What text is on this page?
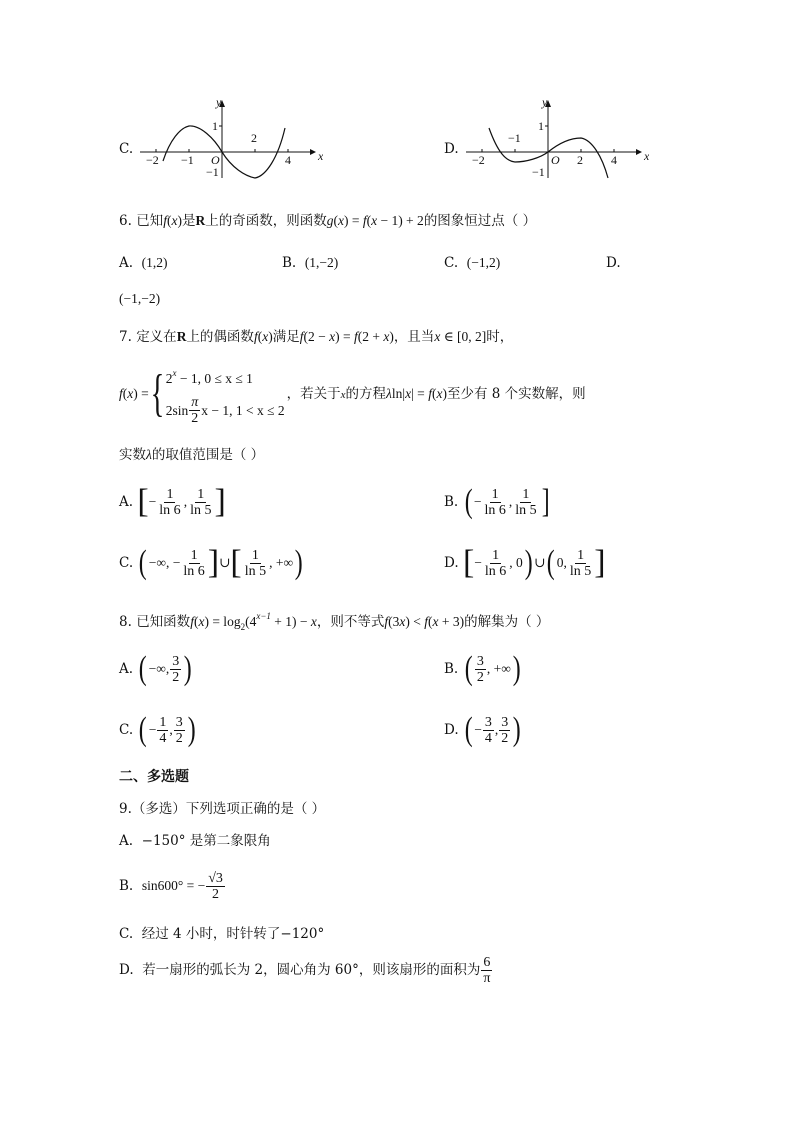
C.
y
x
1
−2 −1 O
2
4
−1
D.
y
x
1
−2
−1
O 2 4
−1
6. 已知f(x)是R上的奇函数，则函数g(x) = f(x − 1) + 2的图象恒过点（ ）
A. (1,2)	B. (1,−2)	C. (−1,2)	D.
(−1,−2)
7. 定义在R上的偶函数f(x)满足f(2 − x) = f(2 + x)，且当x ∈ [0, 2]时，
f(x) = { $2^x - 1$, 0 ≤ x ≤ 1
$2\sin \frac{\pi}{2}$ x − 1, 1 < x ≤ 2
，若关于x的方程λln|x| = f(x)至少有 8 个实数解，则
实数λ的取值范围是（ ）
A.
[ − $\frac{1}{\ln 6}$ , $\frac{1}{\ln 5}$ ]	B.
( − $\frac{1}{\ln 6}$ , $\frac{1}{\ln 5}$ ]
C.
( −∞, − $\frac{1}{\ln 6}$ ] ∪ [ $\frac{1}{\ln 5}$ , +∞ )	D.
[ − $\frac{1}{\ln 6}$ , 0 ) ∪ ( 0, $\frac{1}{\ln 5}$ ]
8. 已知函数$f(x) = \log_2(4^{x-1} + 1) - x$，则不等式f(3x) < f(x + 3)的解集为（ ）
A.
( −∞, $\frac{3}{2}$ )	B.
( $\frac{3}{2}$ , +∞ )
C.
( − $\frac{1}{4}$ , $\frac{3}{2}$ )	D.
( − $\frac{3}{4}$ , $\frac{3}{2}$ )
二、多选题
9.（多选）下列选项正确的是（ ）
A. −150° 是第二象限角
B.
sin600° = − $\frac{√3}{2}$
C. 经过 4 小时，时针转了−120°
D.
若一扇形的弧长为 2，圆心角为 60°，则该扇形的面积为 $\frac{6}{\pi}$
